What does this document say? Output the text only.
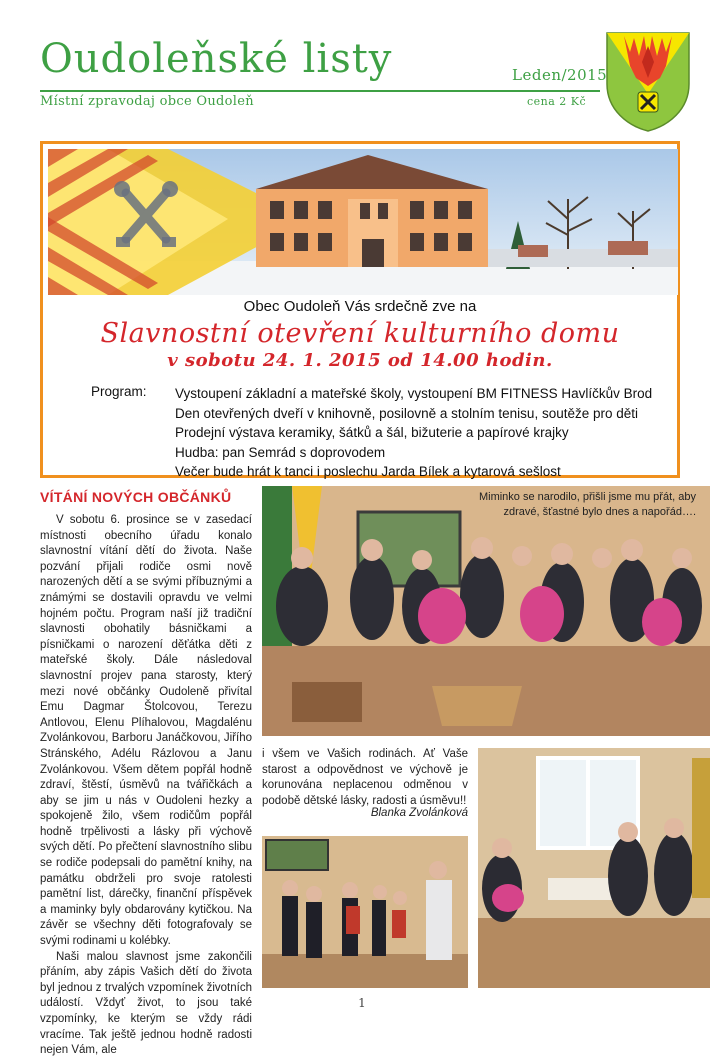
Oudoleňské listy	Leden/2015
Místní zpravodaj obce Oudoleň	cena 2 Kč
Obec Oudoleň Vás srdečně zve na
Slavnostní otevření kulturního domu
v sobotu 24. 1. 2015 od 14.00 hodin.
Program: Vystoupení základní a mateřské školy, vystoupení BM FITNESS Havlíčkův Brod
Den otevřených dveří v knihovně, posilovně a stolním tenisu, soutěže pro děti
Prodejní výstava keramiky, šátků a šál, bižuterie a papírové krajky
Hudba: pan Semrád s doprovodem
Večer bude hrát k tanci i poslechu Jarda Bílek a kytarová sešlost
VÍTÁNÍ NOVÝCH OBČÁNKŮ

V sobotu 6. prosince se v zasedací místnosti obecního úřadu konalo slavnostní vítání dětí do života. Naše pozvání přijali rodiče osmi nově narozených dětí a se svými příbuznými a známými se dostavili opravdu ve velmi hojném počtu. Program naší již tradiční slavnosti obohatily básničkami a písničkami o narození děťátka děti z mateřské školy. Dále následoval slavnostní projev pana starosty, který mezi nové občánky Oudoleně přivítal Emu Dagmar Štolcovou, Terezu Antlovou, Elenu Plíhalovou, Magdalénu Zvolánkovou, Barboru Janáčkovou, Jiřího Stránského, Adélu Rázlovou a Janu Zvolánkovou. Všem dětem popřál hodně zdraví, štěstí, úsměvů na tvářičkách a aby se jim u nás v Oudoleni hezky a spokojeně žilo, všem rodičům popřál hodně trpělivosti a lásky při výchově svých dětí. Po přečtení slavnostního slibu se rodiče podepsali do pamětní knihy, na památku obdrželi pro svoje ratolesti pamětní list, dárečky, finanční příspěvek a maminky byly obdarovány kytičkou. Na závěr se všechny děti fotografovaly se svými rodinami u kolébky.

Naši malou slavnost jsme zakončili přáním, aby zápis Vašich dětí do života byl jednou z trvalých vzpomínek životních událostí. Vždyť život, to jsou také vzpomínky, ke kterým se vždy rádi vracíme. Tak ještě jednou hodně radosti nejen Vám, ale

i všem ve Vašich rodinách. Ať Vaše starost a odpovědnost ve výchově je korunována neplacenou odměnou v podobě dětské lásky, radosti a úsměvu!!

Blanka Zvolánková
Miminko se narodilo, přišli jsme mu přát, aby zdravé, šťastné bylo dnes a napořád….
1
